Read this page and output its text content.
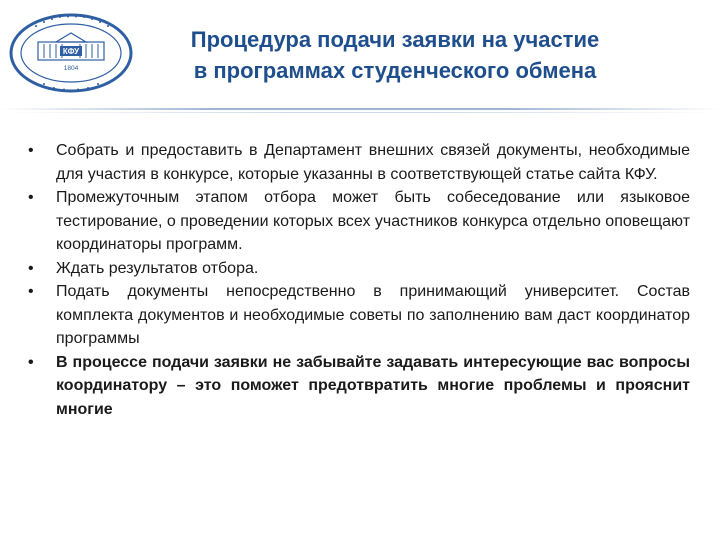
КФУ
1804
Процедура подачи заявки на участие
в программах студенческого обмена
• Собрать и предоставить в Департамент внешних связей документы, необходимые для участия в конкурсе, которые указанны в соответствующей статье сайта КФУ.
• Промежуточным этапом отбора может быть собеседование или языковое тестирование, о проведении которых всех участников конкурса отдельно оповещают координаторы программ.
• Ждать результатов отбора.
• Подать документы непосредственно в принимающий университет. Состав комплекта документов и необходимые советы по заполнению вам даст координатор программы
• В процессе подачи заявки не забывайте задавать интересующие вас вопросы координатору – это поможет предотвратить многие проблемы и прояснит многие
